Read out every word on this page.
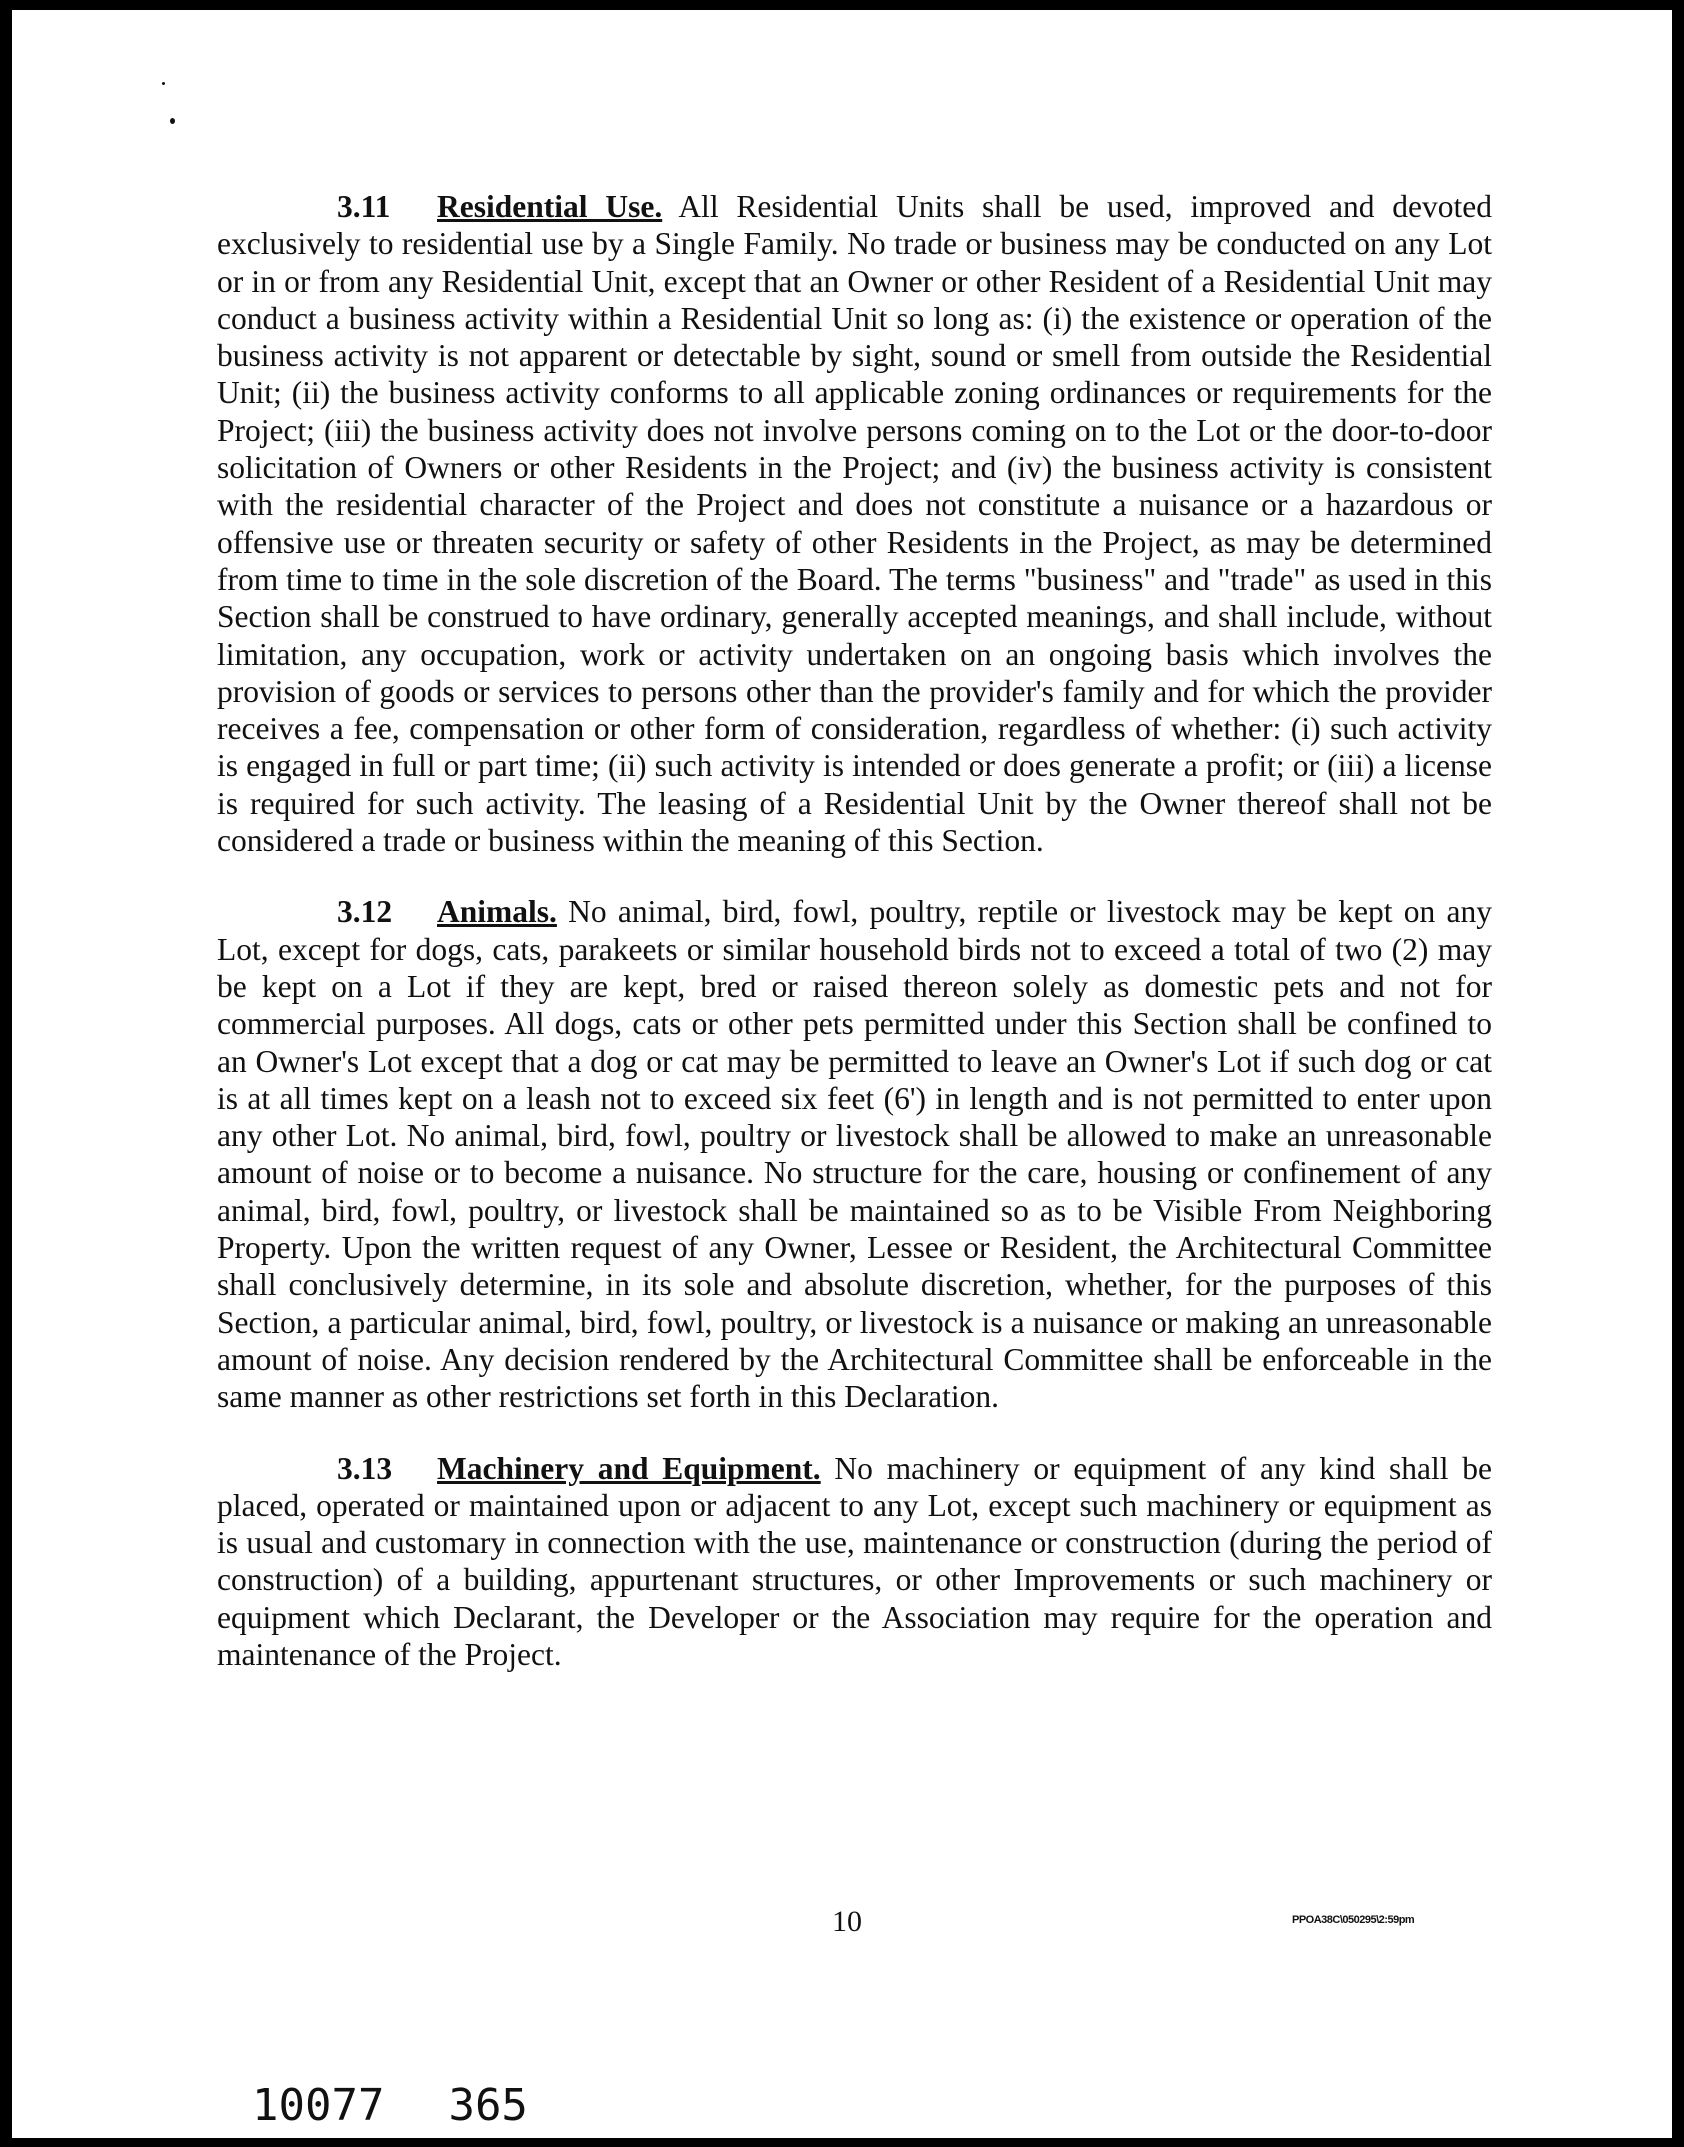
3.11 Residential Use. All Residential Units shall be used, improved and devoted exclusively to residential use by a Single Family. No trade or business may be conducted on any Lot or in or from any Residential Unit, except that an Owner or other Resident of a Residential Unit may conduct a business activity within a Residential Unit so long as: (i) the existence or operation of the business activity is not apparent or detectable by sight, sound or smell from outside the Residential Unit; (ii) the business activity conforms to all applicable zoning ordinances or requirements for the Project; (iii) the business activity does not involve persons coming on to the Lot or the door-to-door solicitation of Owners or other Residents in the Project; and (iv) the business activity is consistent with the residential character of the Project and does not constitute a nuisance or a hazardous or offensive use or threaten security or safety of other Residents in the Project, as may be determined from time to time in the sole discretion of the Board. The terms "business" and "trade" as used in this Section shall be construed to have ordinary, generally accepted meanings, and shall include, without limitation, any occupation, work or activity undertaken on an ongoing basis which involves the provision of goods or services to persons other than the provider's family and for which the provider receives a fee, compensation or other form of consideration, regardless of whether: (i) such activity is engaged in full or part time; (ii) such activity is intended or does generate a profit; or (iii) a license is required for such activity. The leasing of a Residential Unit by the Owner thereof shall not be considered a trade or business within the meaning of this Section.

3.12 Animals. No animal, bird, fowl, poultry, reptile or livestock may be kept on any Lot, except for dogs, cats, parakeets or similar household birds not to exceed a total of two (2) may be kept on a Lot if they are kept, bred or raised thereon solely as domestic pets and not for commercial purposes. All dogs, cats or other pets permitted under this Section shall be confined to an Owner's Lot except that a dog or cat may be permitted to leave an Owner's Lot if such dog or cat is at all times kept on a leash not to exceed six feet (6') in length and is not permitted to enter upon any other Lot. No animal, bird, fowl, poultry or livestock shall be allowed to make an unreasonable amount of noise or to become a nuisance. No structure for the care, housing or confinement of any animal, bird, fowl, poultry, or livestock shall be maintained so as to be Visible From Neighboring Property. Upon the written request of any Owner, Lessee or Resident, the Architectural Committee shall conclusively determine, in its sole and absolute discretion, whether, for the purposes of this Section, a particular animal, bird, fowl, poultry, or livestock is a nuisance or making an unreasonable amount of noise. Any decision rendered by the Architectural Committee shall be enforceable in the same manner as other restrictions set forth in this Declaration.

3.13 Machinery and Equipment. No machinery or equipment of any kind shall be placed, operated or maintained upon or adjacent to any Lot, except such machinery or equipment as is usual and customary in connection with the use, maintenance or construction (during the period of construction) of a building, appurtenant structures, or other Improvements or such machinery or equipment which Declarant, the Developer or the Association may require for the operation and maintenance of the Project.

10	PPOA38C\050295\2:59pm
10077 365
